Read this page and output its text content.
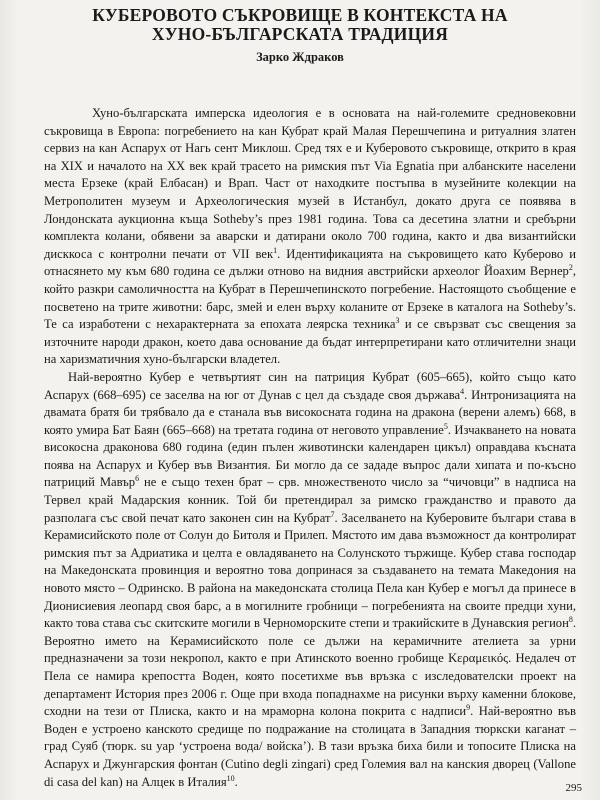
КУБЕРОВОТО СЪКРОВИЩЕ В КОНТЕКСТА НА
ХУНО-БЪЛГАРСКАТА ТРАДИЦИЯ
Зарко Ждраков

Хуно-българската имперска идеология е в основата на най-големите средновековни съкровища в Европа: погребението на кан Кубрат край Малая Перешчепина и ритуалния златен сервиз на кан Аспарух от Нагь сент Миклош. Сред тях е и Куберовото съкровище, открито в края на XIX и началото на XX век край трасето на римския път Via Egnatia при албанските населени места Ерзеке (край Елбасан) и Врап. Част от находките постъпва в музейните колекции на Метрополитен музеум и Археологическия музей в Истанбул, докато друга се появява в Лондонската аукционна къща Sotheby’s през 1981 година. Това са десетина златни и сребърни комплекта колани, обявени за аварски и датирани около 700 година, както и два византийски дисккоса с контролни печати от VII век$^1$. Идентификацията на съкровището като Куберово и отнасянето му към 680 година се дължи отново на видния австрийски археолог Йоахим Вернер$^2$, който разкри самоличността на Кубрат в Перешчепинското погребение. Настоящото съобщение е посветено на трите животни: барс, змей и елен върху коланите от Ерзеке в каталога на Sotheby’s. Те са изработени с нехарактерната за епохата леярска техника$^3$ и се свързват със свещения за източните народи дракон, което дава основание да бъдат интерпретирани като отличителни знаци на харизматичния хуно-български владетел.

Най-вероятно Кубер е четвъртият син на патриция Кубрат (605–665), който също като Аспарух (668–695) се заселва на юг от Дунав с цел да създаде своя държава$^4$. Интронизацията на двамата братя би трябвало да е станала във високосната година на дракона (верени алемъ) 668, в която умира Бат Баян (665–668) на третата година от неговото управление$^5$. Изчакването на новата високосна драконова 680 година (един пълен животински календарен цикъл) оправдава късната поява на Аспарух и Кубер във Византия. Би могло да се зададе въпрос дали хипата и по-късно патриций Мавър$^6$ не е също техен брат – срв. множественото число за “чичовци” в надписа на Тервел край Мадарския конник. Той би претендирал за римско гражданство и правото да разполага със свой печат като законен син на Кубрат$^7$. Заселването на Куберовите българи става в Керамисийското поле от Солун до Битоля и Прилеп. Мястото им дава възможност да контролират римския път за Адриатика и целта е овладяването на Солунското тържище. Кубер става господар на Македонската провинция и вероятно това допринася за създаването на темата Македония на новото място – Одринско. В района на македонската столица Пела кан Кубер е могъл да принесе в Дионисиевия леопард своя барс, а в могилните гробници – погребенията на своите предци хуни, както това става със скитските могили в Черноморските степи и тракийските в Дунавския регион$^8$. Вероятно името на Керамисийското поле се дължи на керамичните ателиета за урни предназначени за този некропол, както е при Атинското военно гробище Κεραμεικός. Недалеч от Пела се намира крепостта Воден, която посетихме във връзка с изследователски проект на департамент История през 2006 г. Още при входа попаднахме на рисунки върху каменни блокове, сходни на тези от Плиска, както и на мраморна колона покрита с надписи$^9$. Най-вероятно във Воден е устроено канското средище по подражание на столицата в Западния тюркски каганат – град Суяб (тюрк. su yap ‘устроена вода/ войска’). В тази връзка биха били и топосите Плиска на Аспарух и Джунгарския фонтан (Cutino degli zingari) сред Големия вал на канския дворец (Vallone di casa del kan) на Алцек в Италия$^{10}$.	295
